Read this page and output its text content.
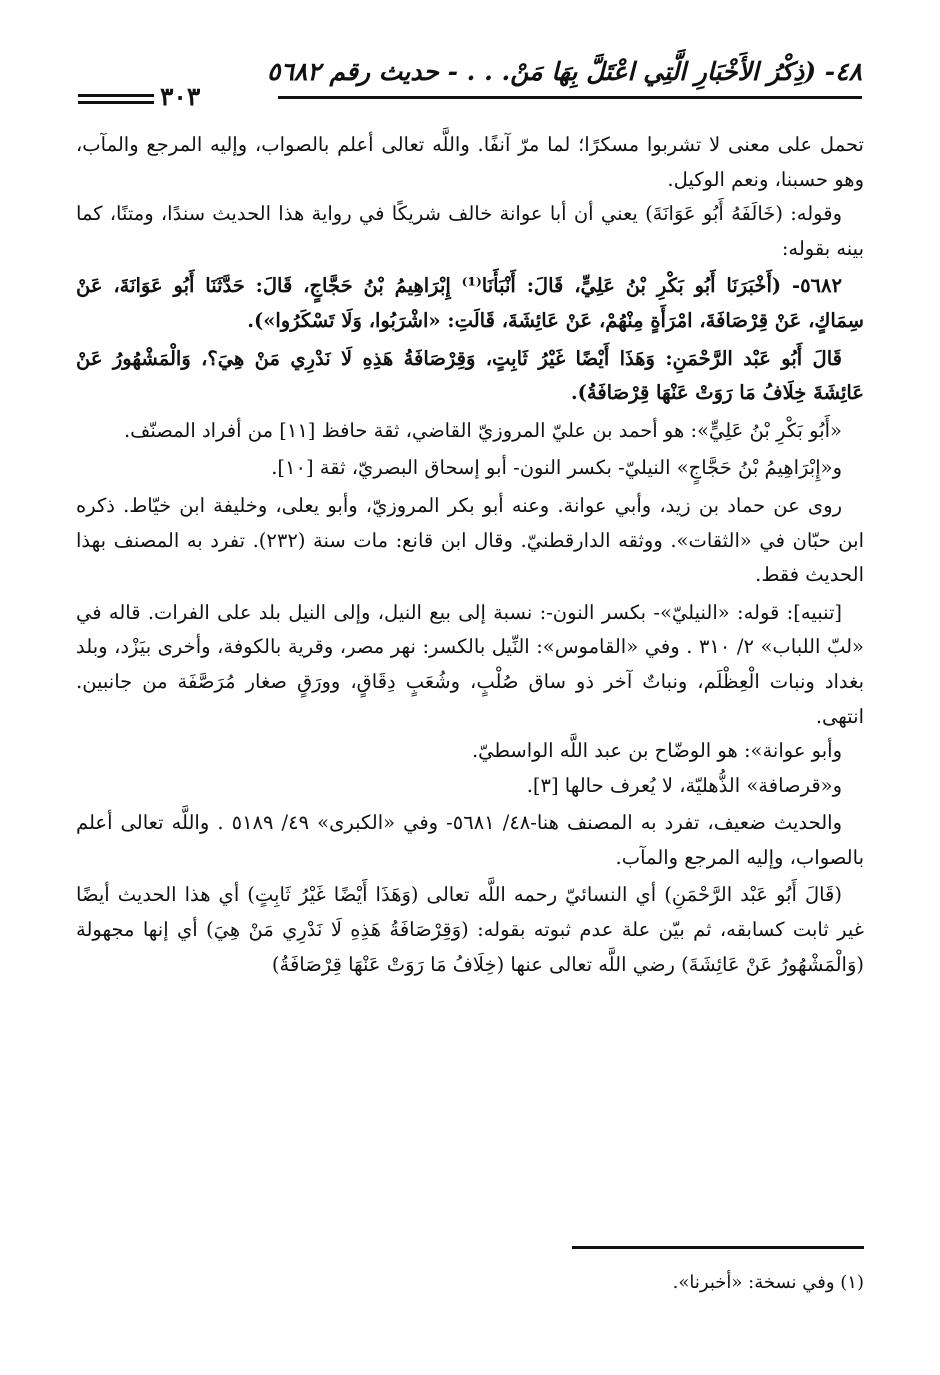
٤٨- (ذِكْرُ الأَخْبَارِ الَّتِي اعْتَلَّ بِهَا مَنْ. . . - حديث رقم ٥٦٨٢
٣٠٣

تحمل على معنى لا تشربوا مسكرًا؛ لما مرّ آنفًا. واللَّه تعالى أعلم بالصواب، وإليه المرجع والمآب، وهو حسبنا، ونعم الوكيل.

وقوله: (خَالَفَهُ أَبُو عَوَانَةَ) يعني أن أبا عوانة خالف شريكًا في رواية هذا الحديث سندًا، ومتنًا، كما بينه بقوله:

٥٦٨٢- (أَخْبَرَنَا أَبُو بَكْرِ بْنُ عَلِيٍّ، قَالَ: أَنْبَأَنَا⁽¹⁾ إِبْرَاهِيمُ بْنُ حَجَّاجٍ، قَالَ: حَدَّثَنَا أَبُو عَوَانَةَ، عَنْ سِمَاكٍ، عَنْ قِرْصَافَةَ، امْرَأَةٍ مِنْهُمْ، عَنْ عَائِشَةَ، قَالَتِ: «اشْرَبُوا، وَلَا تَسْكَرُوا»).

قَالَ أَبُو عَبْد الرَّحْمَنِ: وَهَذَا أَيْضًا غَيْرُ ثَابِتٍ، وَقِرْصَافَةُ هَذِهِ لَا نَدْرِي مَنْ هِيَ؟، وَالْمَشْهُورُ عَنْ عَائِشَةَ خِلَافُ مَا رَوَتْ عَنْهَا قِرْصَافَةُ).

«أَبُو بَكْرِ بْنُ عَلِيٍّ»: هو أحمد بن عليّ المروزيّ القاضي، ثقة حافظ [١١] من أفراد المصنّف.

و«إِبْرَاهِيمُ بْنُ حَجَّاجٍ» النيليّ- بكسر النون- أبو إسحاق البصريّ، ثقة [١٠].

روى عن حماد بن زيد، وأبي عوانة. وعنه أبو بكر المروزيّ، وأبو يعلى، وخليفة ابن خيّاط. ذكره ابن حبّان في «الثقات». ووثقه الدارقطنيّ. وقال ابن قانع: مات سنة (٢٣٢). تفرد به المصنف بهذا الحديث فقط.

[تنبيه]: قوله: «النيليّ»- بكسر النون-: نسبة إلى بيع النيل، وإلى النيل بلد على الفرات. قاله في «لبّ اللباب» ٢/ ٣١٠ . وفي «القاموس»: النِّيل بالكسر: نهر مصر، وقرية بالكوفة، وأخرى بيَزْد، وبلد بغداد ونبات الْعِظْلَم، ونباتٌ آخر ذو ساق صُلْبٍ، وشُعَبٍ دِقَاقٍ، وورَقٍ صغار مُرَصَّفَة من جانبين. انتهى.

وأبو عوانة»: هو الوضّاح بن عبد اللَّه الواسطيّ.

و«قرصافة» الذُّهليّة، لا يُعرف حالها [٣].

والحديث ضعيف، تفرد به المصنف هنا-٤٨/ ٥٦٨١- وفي «الكبرى» ٤٩/ ٥١٨٩ . واللَّه تعالى أعلم بالصواب، وإليه المرجع والمآب.

(قَالَ أَبُو عَبْد الرَّحْمَنِ) أي النسائيّ رحمه اللَّه تعالى (وَهَذَا أَيْضًا غَيْرُ ثَابِتٍ) أي هذا الحديث أيضًا غير ثابت كسابقه، ثم بيّن علة عدم ثبوته بقوله: (وَقِرْصَافَةُ هَذِهِ لَا نَدْرِي مَنْ هِيَ) أي إنها مجهولة (وَالْمَشْهُورُ عَنْ عَائِشَةَ) رضي اللَّه تعالى عنها (خِلَافُ مَا رَوَتْ عَنْهَا قِرْصَافَةُ)

(١) وفي نسخة: «أخبرنا».
